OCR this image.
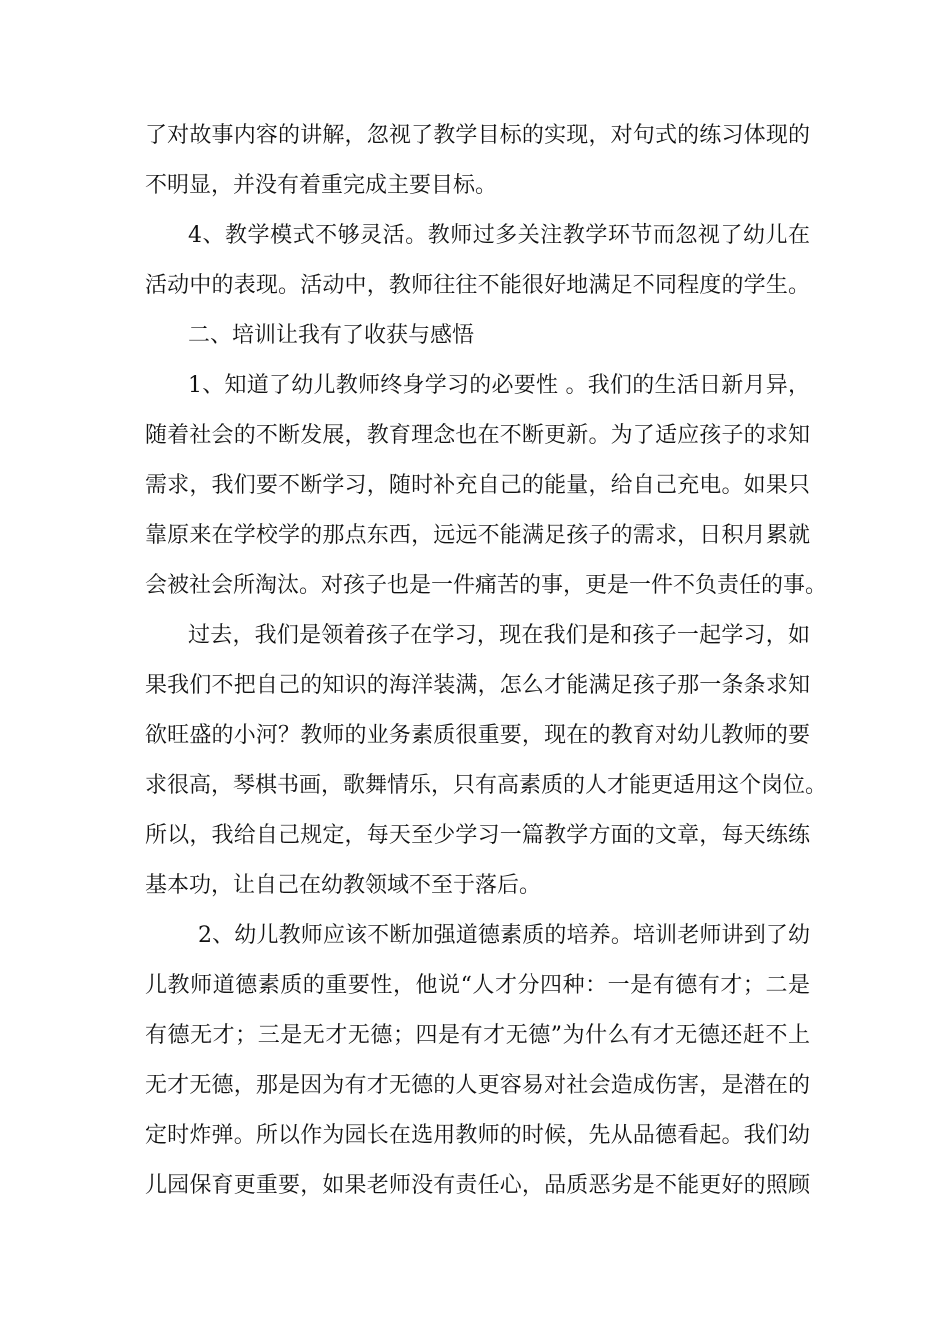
了对故事内容的讲解，忽视了教学目标的实现，对句式的练习体现的
不明显，并没有着重完成主要目标。
4、教学模式不够灵活。教师过多关注教学环节而忽视了幼儿在
活动中的表现。活动中，教师往往不能很好地满足不同程度的学生。
二、培训让我有了收获与感悟
1、知道了幼儿教师终身学习的必要性 。我们的生活日新月异，
随着社会的不断发展，教育理念也在不断更新。为了适应孩子的求知
需求，我们要不断学习，随时补充自己的能量，给自己充电。如果只
靠原来在学校学的那点东西，远远不能满足孩子的需求，日积月累就
会被社会所淘汰。对孩子也是一件痛苦的事，更是一件不负责任的事。
过去，我们是领着孩子在学习，现在我们是和孩子一起学习，如
果我们不把自己的知识的海洋装满，怎么才能满足孩子那一条条求知
欲旺盛的小河？教师的业务素质很重要，现在的教育对幼儿教师的要
求很高，琴棋书画，歌舞情乐，只有高素质的人才能更适用这个岗位。
所以，我给自己规定，每天至少学习一篇教学方面的文章，每天练练
基本功，让自己在幼教领域不至于落后。
2、幼儿教师应该不断加强道德素质的培养。培训老师讲到了幼
儿教师道德素质的重要性，他说“人才分四种：一是有德有才；二是
有德无才；三是无才无德；四是有才无德”为什么有才无德还赶不上
无才无德，那是因为有才无德的人更容易对社会造成伤害，是潜在的
定时炸弹。所以作为园长在选用教师的时候，先从品德看起。我们幼
儿园保育更重要，如果老师没有责任心，品质恶劣是不能更好的照顾
